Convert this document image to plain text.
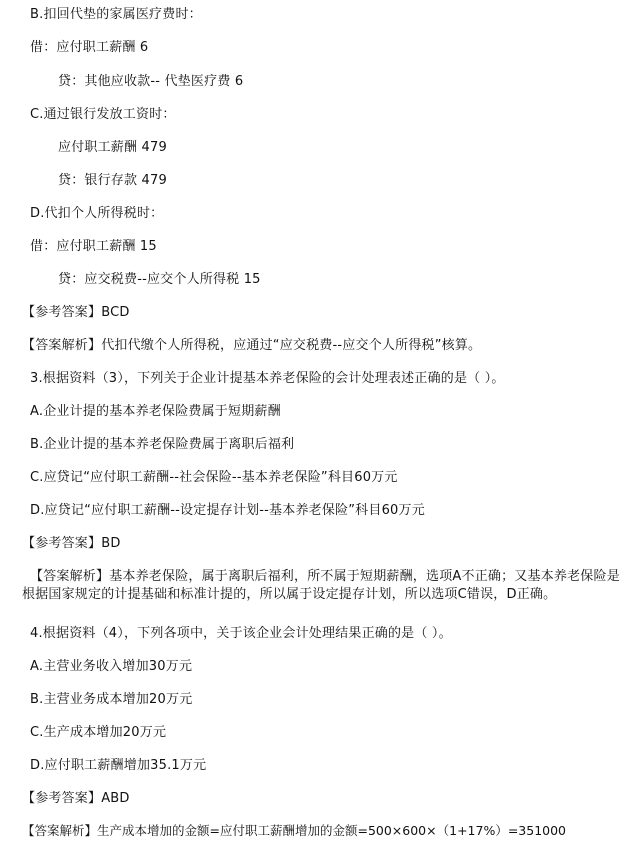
B.扣回代垫的家属医疗费时：
借：应付职工薪酬 6
贷：其他应收款-- 代垫医疗费 6
C.通过银行发放工资时：
应付职工薪酬 479
贷：银行存款 479
D.代扣个人所得税时：
借：应付职工薪酬 15
贷：应交税费--应交个人所得税 15
【参考答案】BCD
【答案解析】代扣代缴个人所得税，应通过“应交税费--应交个人所得税”核算。
3.根据资料（3），下列关于企业计提基本养老保险的会计处理表述正确的是（ ）。
A.企业计提的基本养老保险费属于短期薪酬
B.企业计提的基本养老保险费属于离职后福利
C.应贷记“应付职工薪酬--社会保险--基本养老保险”科目60万元
D.应贷记“应付职工薪酬--设定提存计划--基本养老保险”科目60万元
【参考答案】BD
【答案解析】基本养老保险，属于离职后福利，所不属于短期薪酬，选项A不正确；又基本养老保险是根据国家规定的计提基础和标准计提的，所以属于设定提存计划，所以选项C错误，D正确。
4.根据资料（4），下列各项中，关于该企业会计处理结果正确的是（ ）。
A.主营业务收入增加30万元
B.主营业务成本增加20万元
C.生产成本增加20万元
D.应付职工薪酬增加35.1万元
【参考答案】ABD
【答案解析】生产成本增加的金额=应付职工薪酬增加的金额=500×600×（1+17%）=351000
